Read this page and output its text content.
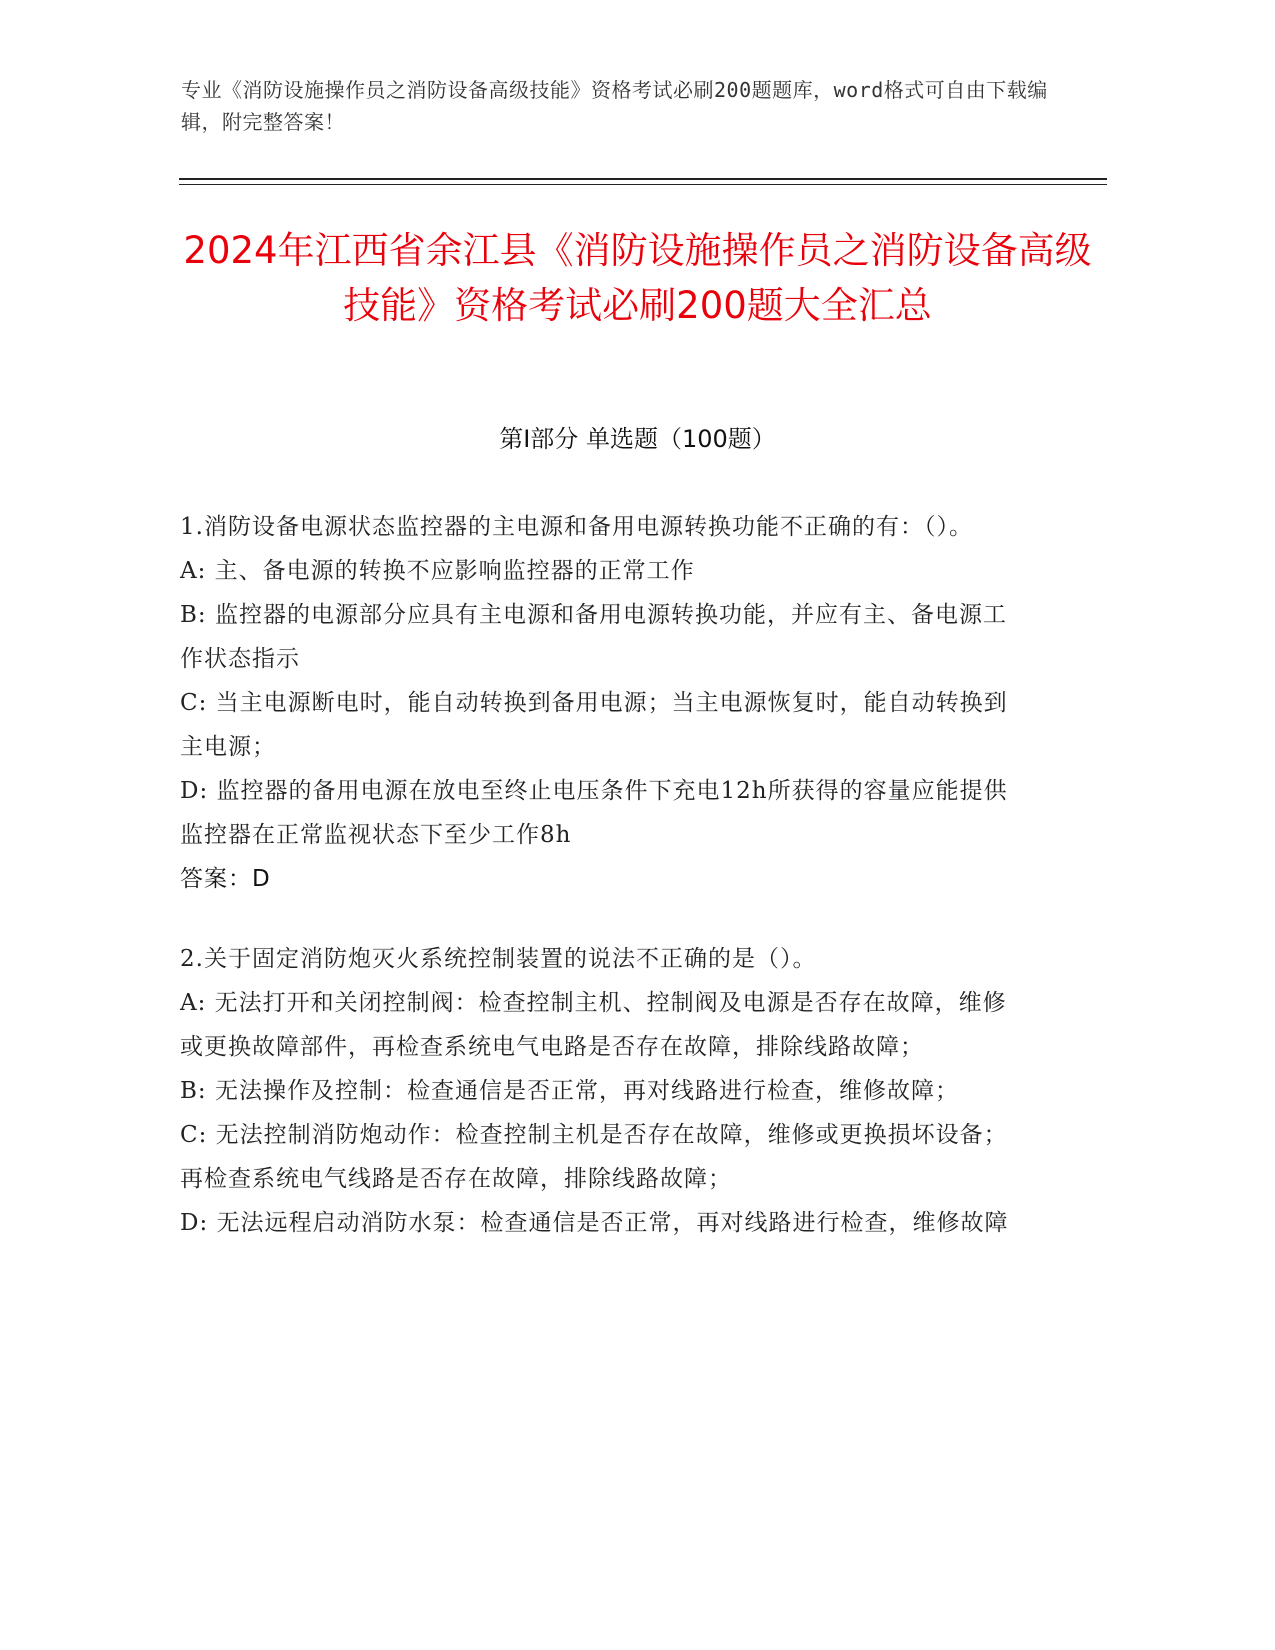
专业《消防设施操作员之消防设备高级技能》资格考试必刷200题题库，word格式可自由下载编辑，附完整答案！
2024年江西省余江县《消防设施操作员之消防设备高级技能》资格考试必刷200题大全汇总
第I部分 单选题（100题）

1.消防设备电源状态监控器的主电源和备用电源转换功能不正确的有：（）。

A: 主、备电源的转换不应影响监控器的正常工作

B: 监控器的电源部分应具有主电源和备用电源转换功能，并应有主、备电源工作状态指示

C: 当主电源断电时，能自动转换到备用电源；当主电源恢复时，能自动转换到主电源；

D: 监控器的备用电源在放电至终止电压条件下充电12h所获得的容量应能提供监控器在正常监视状态下至少工作8h

答案：D

2.关于固定消防炮灭火系统控制装置的说法不正确的是（）。

A: 无法打开和关闭控制阀：检查控制主机、控制阀及电源是否存在故障，维修或更换故障部件，再检查系统电气电路是否存在故障，排除线路故障；

B: 无法操作及控制：检查通信是否正常，再对线路进行检查，维修故障；

C: 无法控制消防炮动作：检查控制主机是否存在故障，维修或更换损坏设备；再检查系统电气线路是否存在故障，排除线路故障；

D: 无法远程启动消防水泵：检查通信是否正常，再对线路进行检查，维修故障
